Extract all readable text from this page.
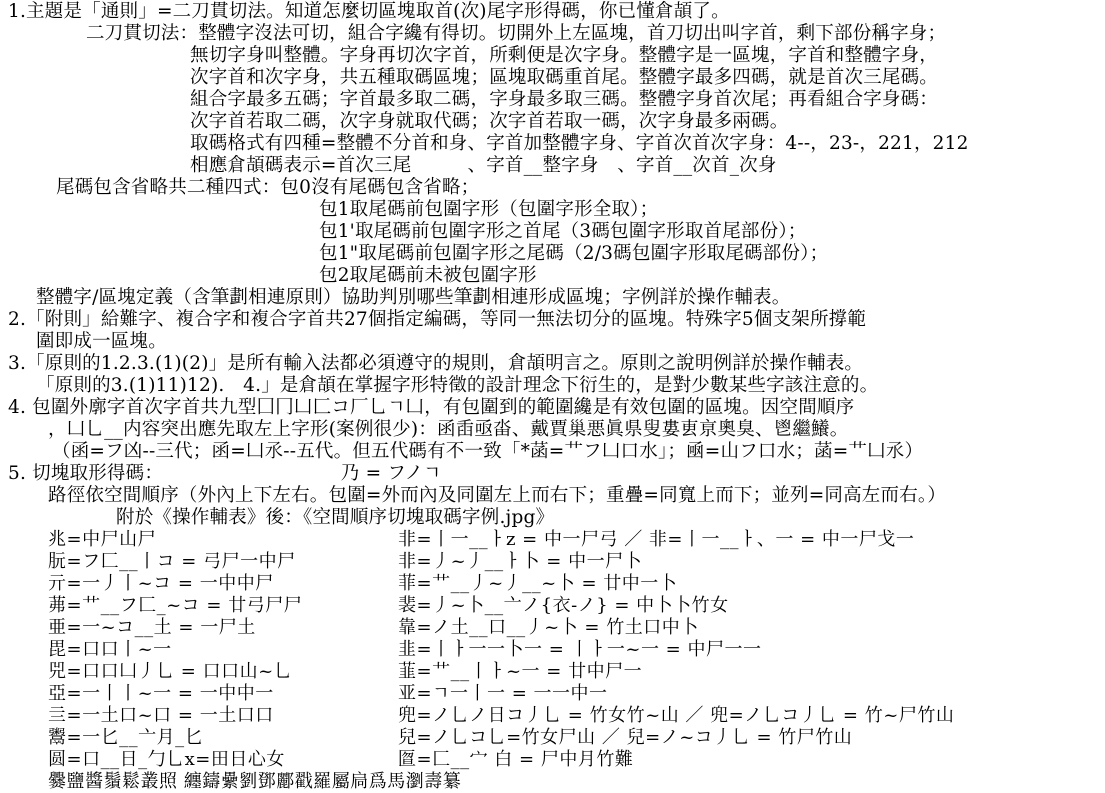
1.主題是「通則」=二刀貫切法。知道怎麼切區塊取首(次)尾字形得碼，你已懂倉頡了。
二刀貫切法：整體字沒法可切，組合字纔有得切。切開外上左區塊，首刀切出叫字首，剩下部份稱字身；
無切字身叫整體。字身再切次字首，所剩便是次字身。整體字是一區塊，字首和整體字身，
次字首和次字身，共五種取碼區塊；區塊取碼重首尾。整體字最多四碼，就是首次三尾碼。
組合字最多五碼；字首最多取二碼，字身最多取三碼。整體字身首次尾；再看組合字身碼：
次字首若取二碼，次字身就取代碼；次字首若取一碼，次字身最多兩碼。
取碼格式有四種=整體不分首和身、字首加整體字身、字首次首次字身：4--，23-，221，212
相應倉頡碼表示=首次三尾　　　、字首__整字身　、字首__次首_次身
尾碼包含省略共二種四式：包0沒有尾碼包含省略；
包1取尾碼前包圍字形（包圍字形全取）；
包1'取尾碼前包圍字形之首尾（3碼包圍字形取首尾部份）；
包1"取尾碼前包圍字形之尾碼（2/3碼包圍字形取尾碼部份）；
包2取尾碼前未被包圍字形
整體字/區塊定義（含筆劃相連原則）協助判別哪些筆劃相連形成區塊；字例詳於操作輔表。
2.「附則」給難字、複合字和複合字首共27個指定編碼，等同一無法切分的區塊。特殊字5個支架所撐範
圍即成一區塊。
3.「原則的1.2.3.(1)(2)」是所有輸入法都必須遵守的規則，倉頡明言之。原則之說明例詳於操作輔表。
「原則的3.(1)11)12).　4.」是倉頡在掌握字形特徵的設計理念下衍生的，是對少數某些字該注意的。
4. 包圍外廓字首次字首共九型囗冂凵匚コ厂乚ㄱ凵，有包圍到的範圍纔是有效包圍的區塊。因空間順序
，凵乚__内容突出應先取左上字形(案例很少)：函臿亟畓、戴賈巢悪眞県叟婁叀亰奧臭、鬯繼鱶。
（函=フ凶--三代；函=凵氶--五代。但五代碼有不一致「*菡=艹フ凵口水」；凾=山フ口水；菡=艹凵氶）
5. 切塊取形得碼：　　　　　　　　　　乃 = フノㄱ
路徑依空間順序（外內上下左右。包圍=外而內及同圍左上而右下；重疊=同寬上而下；並列=同高左而右。）
附於《操作輔表》後：《空間順序切塊取碼字例.jpg》
兆=中尸山尸
朊=フ匚__丨コ = 弓尸一中尸
亓=一丿丨~コ = 一中中尸
茀=艹__フ匚_~コ = 廿弓尸尸
亜=一~コ__土 = 一尸土
毘=口口丨~一
兕=口口凵丿乚 = 口口山~乚
亞=一丨丨~一 = 一中中一
亖=一土口~口 = 一土口口
鬻=一匕__亠月_匕
圆=口__日_勹乚x=田日心女
爨鹽醬鬚鬆叢照 纏鑄纍劉鄧酈戳羅屬扃爲馬瀏壽纂
非=丨一__ㅏz = 中一尸弓 ／ 非=丨一__ㅏ、一 = 中一尸戈一
非=丿~丿__ㅏ卜 = 中一尸卜
菲=艹__丿~丿__~卜 = 廿中一卜
裴=丿~卜__亠ノ{衣-ノ} = 中卜卜竹女
靠=ノ土__口__丿~卜 = 竹土口中卜
韭=丨ㅏ一一卜一 = 丨ㅏ一~一 = 中尸一一
韮=艹__丨ㅏ~一 = 廿中尸一
亚=ㄱ一丨一 = 一一中一
兜=ノ乚ノ日コ丿乚 = 竹女竹~山 ／ 兜=ノ乚コ丿乚 = 竹~尸竹山
兒=ノ乚コ乚=竹女尸山 ／ 兒=ノ~コ丿乚 = 竹尸竹山
匫=匚__宀 白 = 尸中月竹難
